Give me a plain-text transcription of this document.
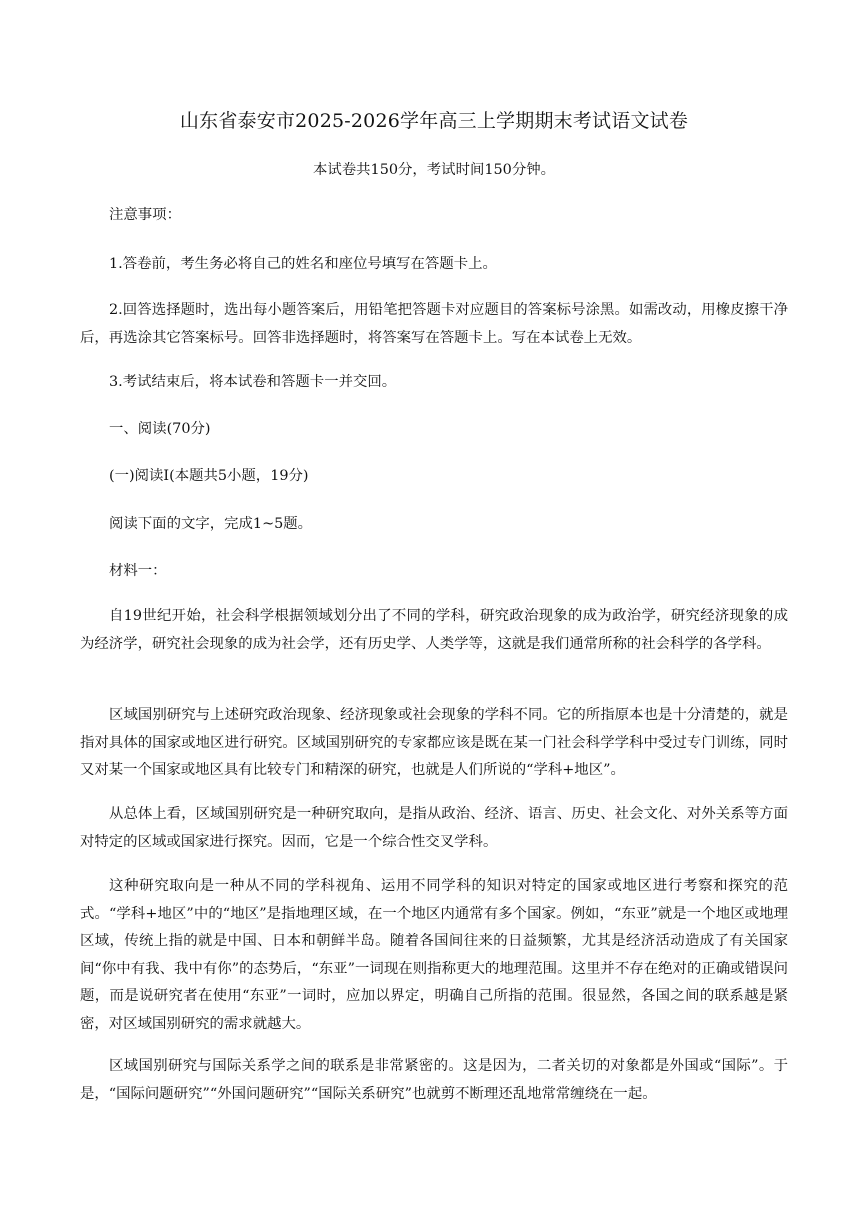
山东省泰安市2025-2026学年高三上学期期末考试语文试卷
本试卷共150分，考试时间150分钟。
注意事项：
1.答卷前，考生务必将自己的姓名和座位号填写在答题卡上。
2.回答选择题时，选出每小题答案后，用铅笔把答题卡对应题目的答案标号涂黑。如需改动，用橡皮擦干净后，再选涂其它答案标号。回答非选择题时，将答案写在答题卡上。写在本试卷上无效。
3.考试结束后，将本试卷和答题卡一并交回。
一、阅读(70分)
(一)阅读Ⅰ(本题共5小题，19分)
阅读下面的文字，完成1~5题。
材料一：
自19世纪开始，社会科学根据领域划分出了不同的学科，研究政治现象的成为政治学，研究经济现象的成为经济学，研究社会现象的成为社会学，还有历史学、人类学等，这就是我们通常所称的社会科学的各学科。
区域国别研究与上述研究政治现象、经济现象或社会现象的学科不同。它的所指原本也是十分清楚的，就是指对具体的国家或地区进行研究。区域国别研究的专家都应该是既在某一门社会科学学科中受过专门训练，同时又对某一个国家或地区具有比较专门和精深的研究，也就是人们所说的“学科+地区”。
从总体上看，区域国别研究是一种研究取向，是指从政治、经济、语言、历史、社会文化、对外关系等方面对特定的区域或国家进行探究。因而，它是一个综合性交叉学科。
这种研究取向是一种从不同的学科视角、运用不同学科的知识对特定的国家或地区进行考察和探究的范式。“学科+地区”中的“地区”是指地理区域，在一个地区内通常有多个国家。例如，“东亚”就是一个地区或地理区域，传统上指的就是中国、日本和朝鲜半岛。随着各国间往来的日益频繁，尤其是经济活动造成了有关国家间“你中有我、我中有你”的态势后，“东亚”一词现在则指称更大的地理范围。这里并不存在绝对的正确或错误问题，而是说研究者在使用“东亚”一词时，应加以界定，明确自己所指的范围。很显然，各国之间的联系越是紧密，对区域国别研究的需求就越大。
区域国别研究与国际关系学之间的联系是非常紧密的。这是因为，二者关切的对象都是外国或“国际”。于是，“国际问题研究”“外国问题研究”“国际关系研究”也就剪不断理还乱地常常缠绕在一起。
